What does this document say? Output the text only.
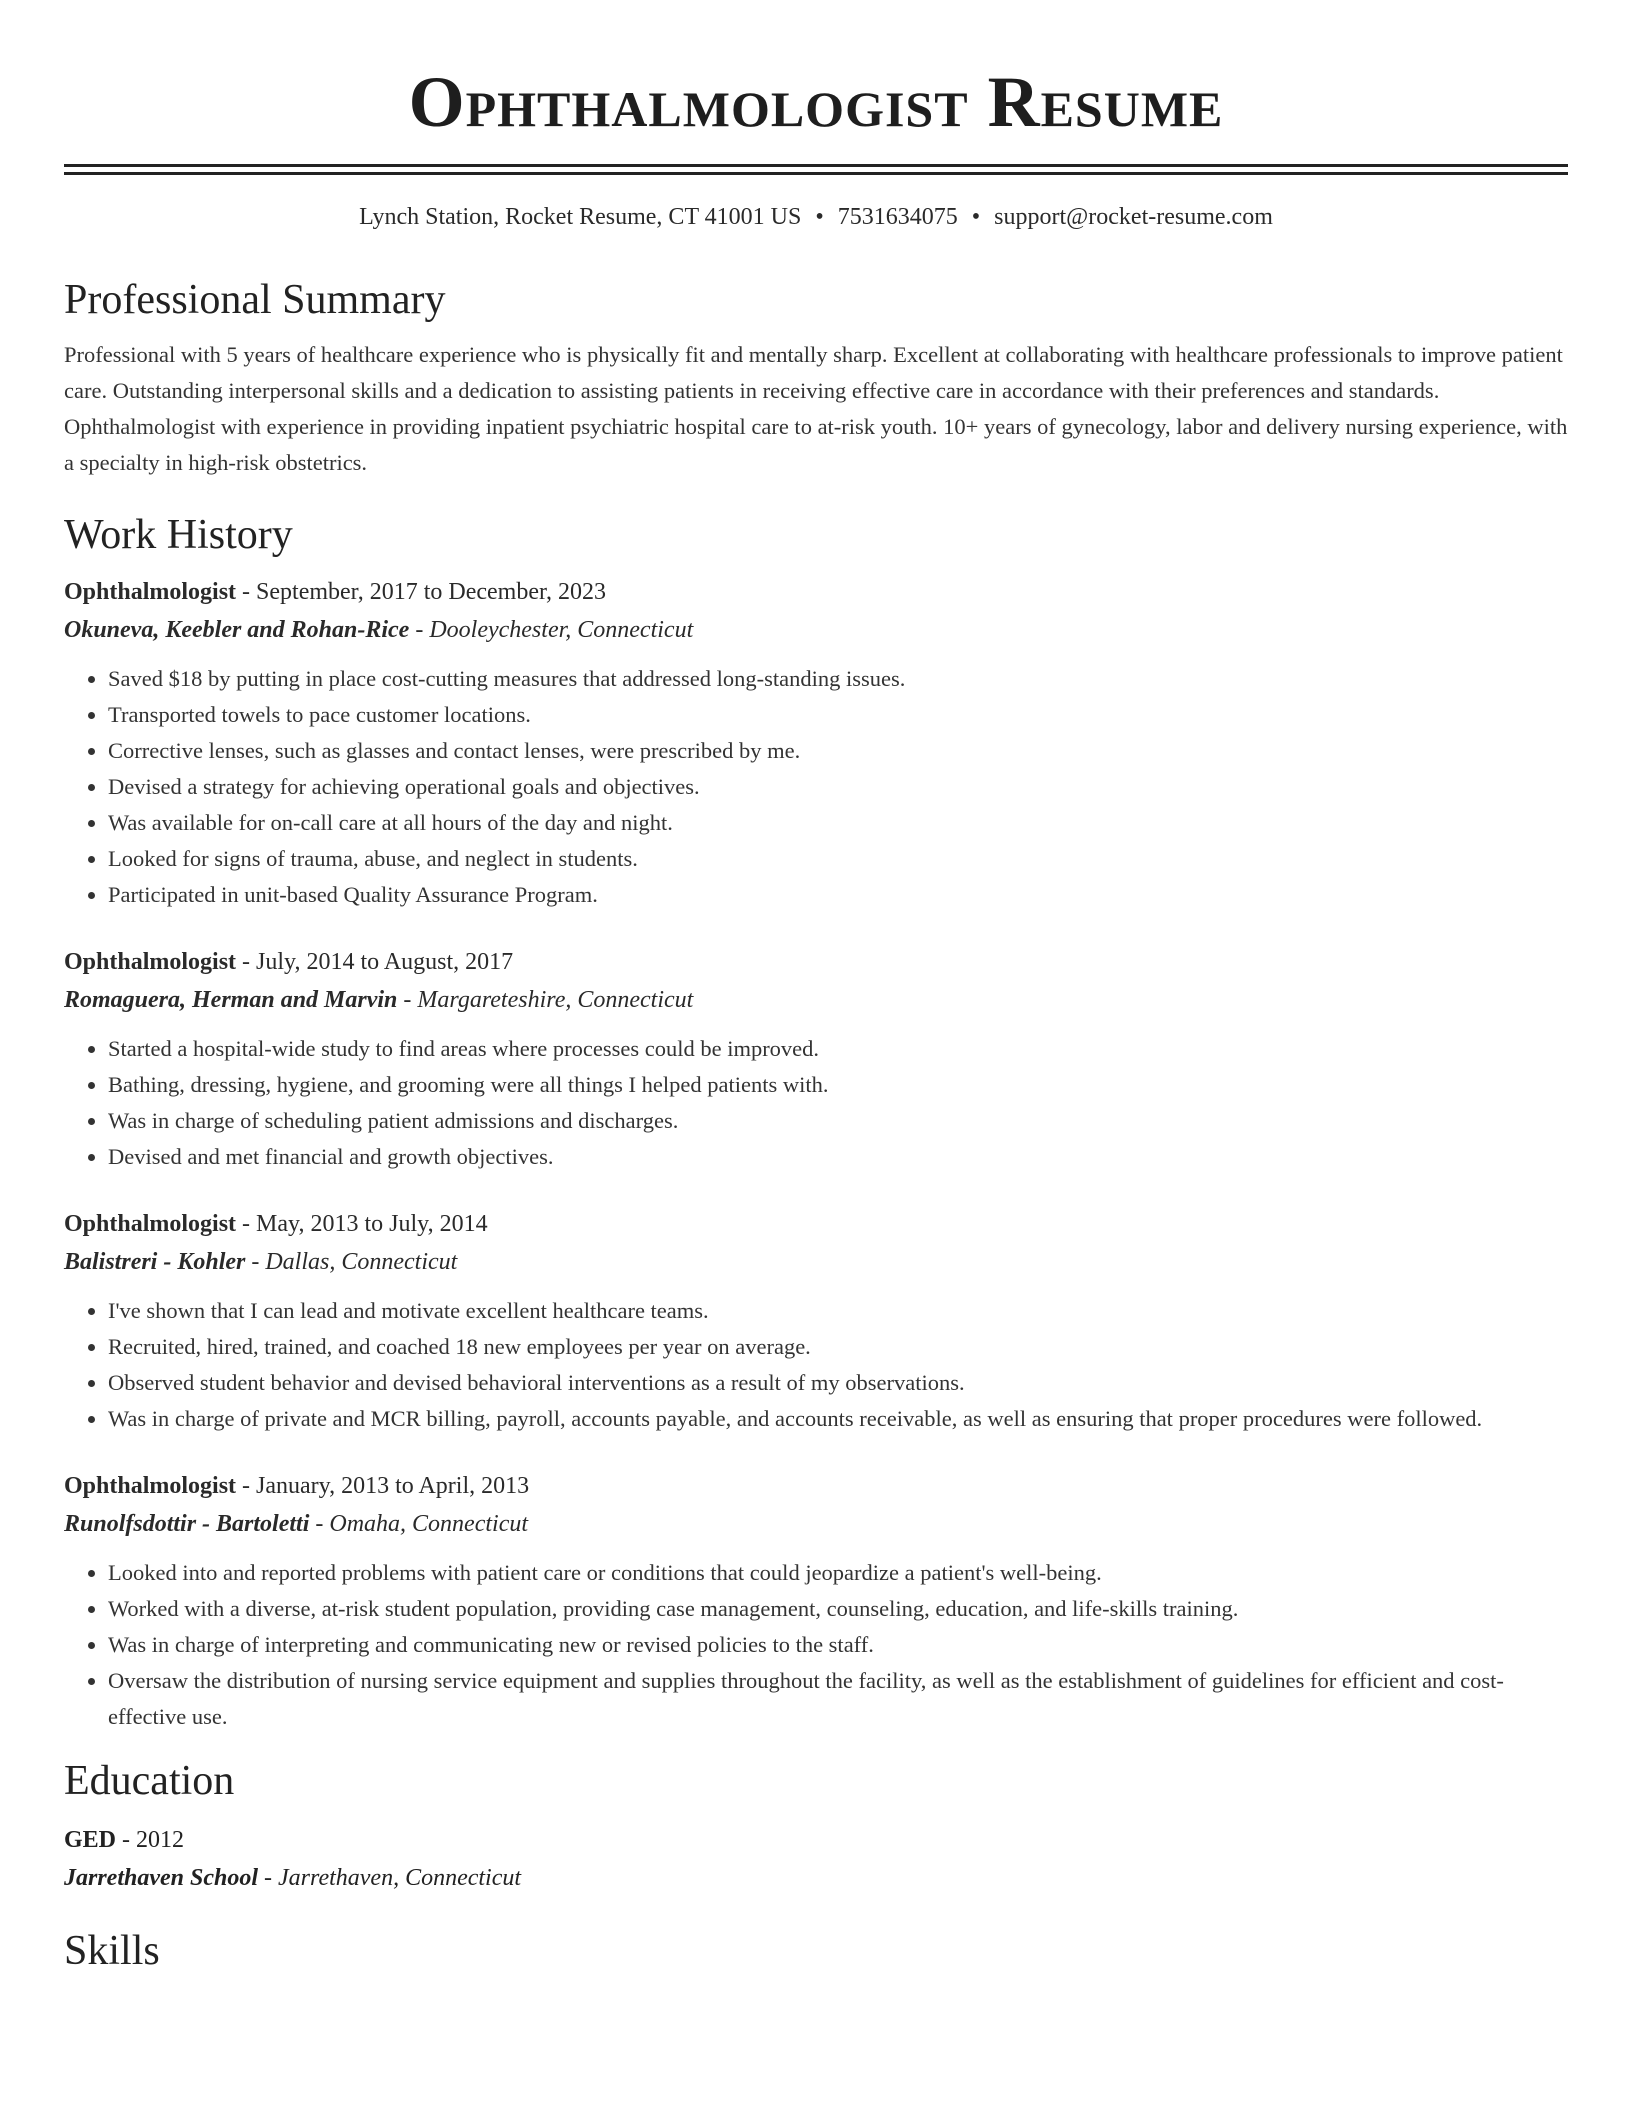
Ophthalmologist Resume
Lynch Station, Rocket Resume, CT 41001 US • 7531634075 • support@rocket-resume.com
Professional Summary
Professional with 5 years of healthcare experience who is physically fit and mentally sharp. Excellent at collaborating with healthcare professionals to improve patient care. Outstanding interpersonal skills and a dedication to assisting patients in receiving effective care in accordance with their preferences and standards. Ophthalmologist with experience in providing inpatient psychiatric hospital care to at-risk youth. 10+ years of gynecology, labor and delivery nursing experience, with a specialty in high-risk obstetrics.
Work History
Ophthalmologist - September, 2017 to December, 2023
Okuneva, Keebler and Rohan-Rice - Dooleychester, Connecticut
• Saved $18 by putting in place cost-cutting measures that addressed long-standing issues.
• Transported towels to pace customer locations.
• Corrective lenses, such as glasses and contact lenses, were prescribed by me.
• Devised a strategy for achieving operational goals and objectives.
• Was available for on-call care at all hours of the day and night.
• Looked for signs of trauma, abuse, and neglect in students.
• Participated in unit-based Quality Assurance Program.
Ophthalmologist - July, 2014 to August, 2017
Romaguera, Herman and Marvin - Margareteshire, Connecticut
• Started a hospital-wide study to find areas where processes could be improved.
• Bathing, dressing, hygiene, and grooming were all things I helped patients with.
• Was in charge of scheduling patient admissions and discharges.
• Devised and met financial and growth objectives.
Ophthalmologist - May, 2013 to July, 2014
Balistreri - Kohler - Dallas, Connecticut
• I've shown that I can lead and motivate excellent healthcare teams.
• Recruited, hired, trained, and coached 18 new employees per year on average.
• Observed student behavior and devised behavioral interventions as a result of my observations.
• Was in charge of private and MCR billing, payroll, accounts payable, and accounts receivable, as well as ensuring that proper procedures were followed.
Ophthalmologist - January, 2013 to April, 2013
Runolfsdottir - Bartoletti - Omaha, Connecticut
• Looked into and reported problems with patient care or conditions that could jeopardize a patient's well-being.
• Worked with a diverse, at-risk student population, providing case management, counseling, education, and life-skills training.
• Was in charge of interpreting and communicating new or revised policies to the staff.
• Oversaw the distribution of nursing service equipment and supplies throughout the facility, as well as the establishment of guidelines for efficient and cost-effective use.
Education
GED - 2012
Jarrethaven School - Jarrethaven, Connecticut
Skills
